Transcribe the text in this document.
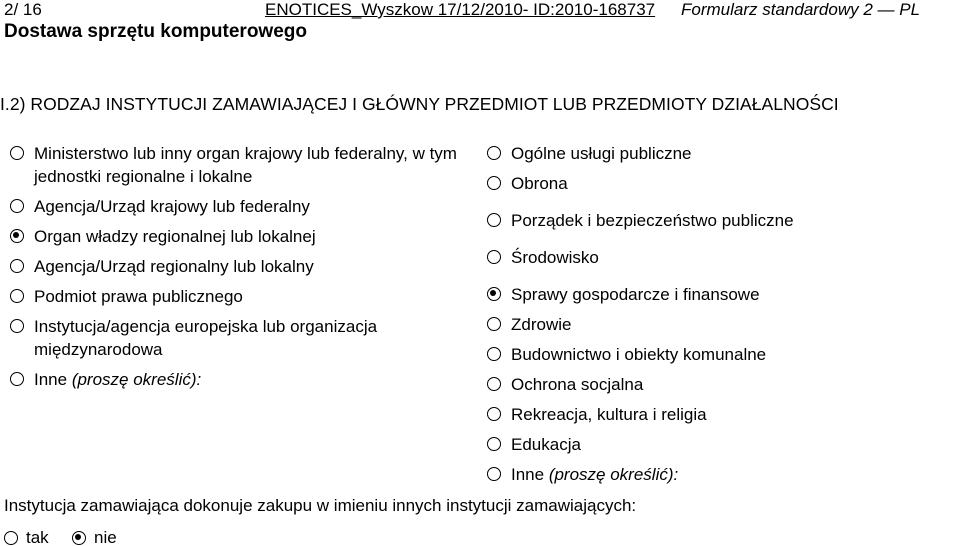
2/ 16	ENOTICES_Wyszkow 17/12/2010- ID:2010-168737 Formularz standardowy 2 — PL
Dostawa sprzętu komputerowego
I.2) RODZAJ INSTYTUCJI ZAMAWIAJĄCEJ I GŁÓWNY PRZEDMIOT LUB PRZEDMIOTY DZIAŁALNOŚCI
Ministerstwo lub inny organ krajowy lub federalny, w tym jednostki regionalne i lokalne
Agencja/Urząd krajowy lub federalny
Organ władzy regionalnej lub lokalnej
Agencja/Urząd regionalny lub lokalny
Podmiot prawa publicznego
Instytucja/agencja europejska lub organizacja międzynarodowa
Inne (proszę określić):
Ogólne usługi publiczne
Obrona
Porządek i bezpieczeństwo publiczne
Środowisko
Sprawy gospodarcze i finansowe
Zdrowie
Budownictwo i obiekty komunalne
Ochrona socjalna
Rekreacja, kultura i religia
Edukacja
Inne (proszę określić):
Instytucja zamawiająca dokonuje zakupu w imieniu innych instytucji zamawiających:
tak	nie
